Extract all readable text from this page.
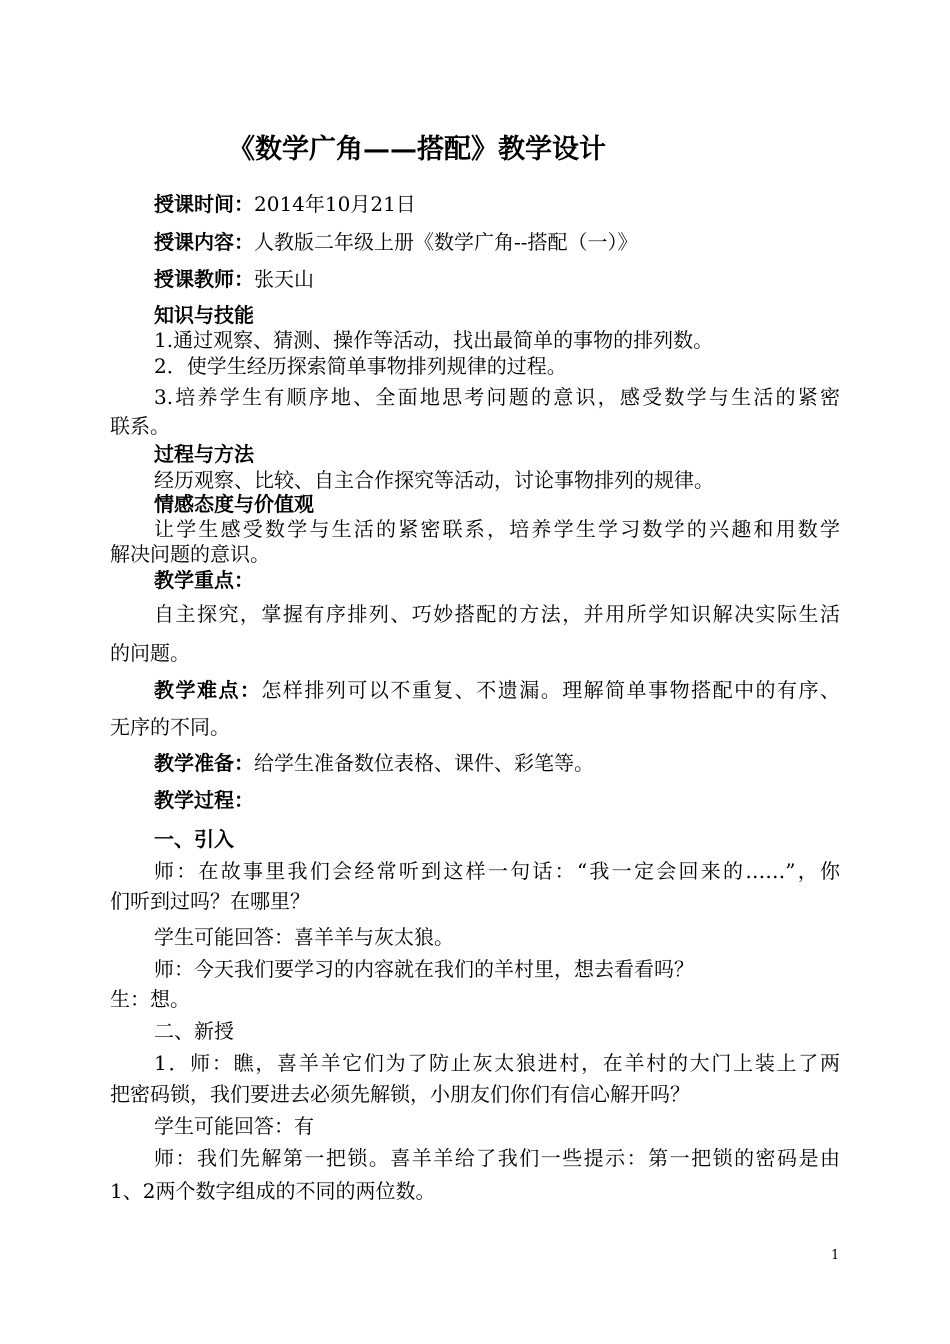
《数学广角——搭配》教学设计
授课时间：2014年10月21日
授课内容：人教版二年级上册《数学广角--搭配（一）》
授课教师：张天山
知识与技能
1.通过观察、猜测、操作等活动，找出最简单的事物的排列数。
2．使学生经历探索简单事物排列规律的过程。
3.培养学生有顺序地、全面地思考问题的意识，感受数学与生活的紧密
联系。
过程与方法
经历观察、比较、自主合作探究等活动，讨论事物排列的规律。
情感态度与价值观
让学生感受数学与生活的紧密联系，培养学生学习数学的兴趣和用数学
解决问题的意识。
教学重点：
自主探究，掌握有序排列、巧妙搭配的方法，并用所学知识解决实际生活
的问题。
教学难点：怎样排列可以不重复、不遗漏。理解简单事物搭配中的有序、
无序的不同。
教学准备：给学生准备数位表格、课件、彩笔等。
教学过程：
一、引入
师：在故事里我们会经常听到这样一句话：“我一定会回来的……”，你
们听到过吗？在哪里？
学生可能回答：喜羊羊与灰太狼。
师：今天我们要学习的内容就在我们的羊村里，想去看看吗？
生：想。
二、新授
1．师：瞧，喜羊羊它们为了防止灰太狼进村，在羊村的大门上装上了两
把密码锁，我们要进去必须先解锁，小朋友们你们有信心解开吗？
学生可能回答：有
师：我们先解第一把锁。喜羊羊给了我们一些提示：第一把锁的密码是由
1、2两个数字组成的不同的两位数。
1
